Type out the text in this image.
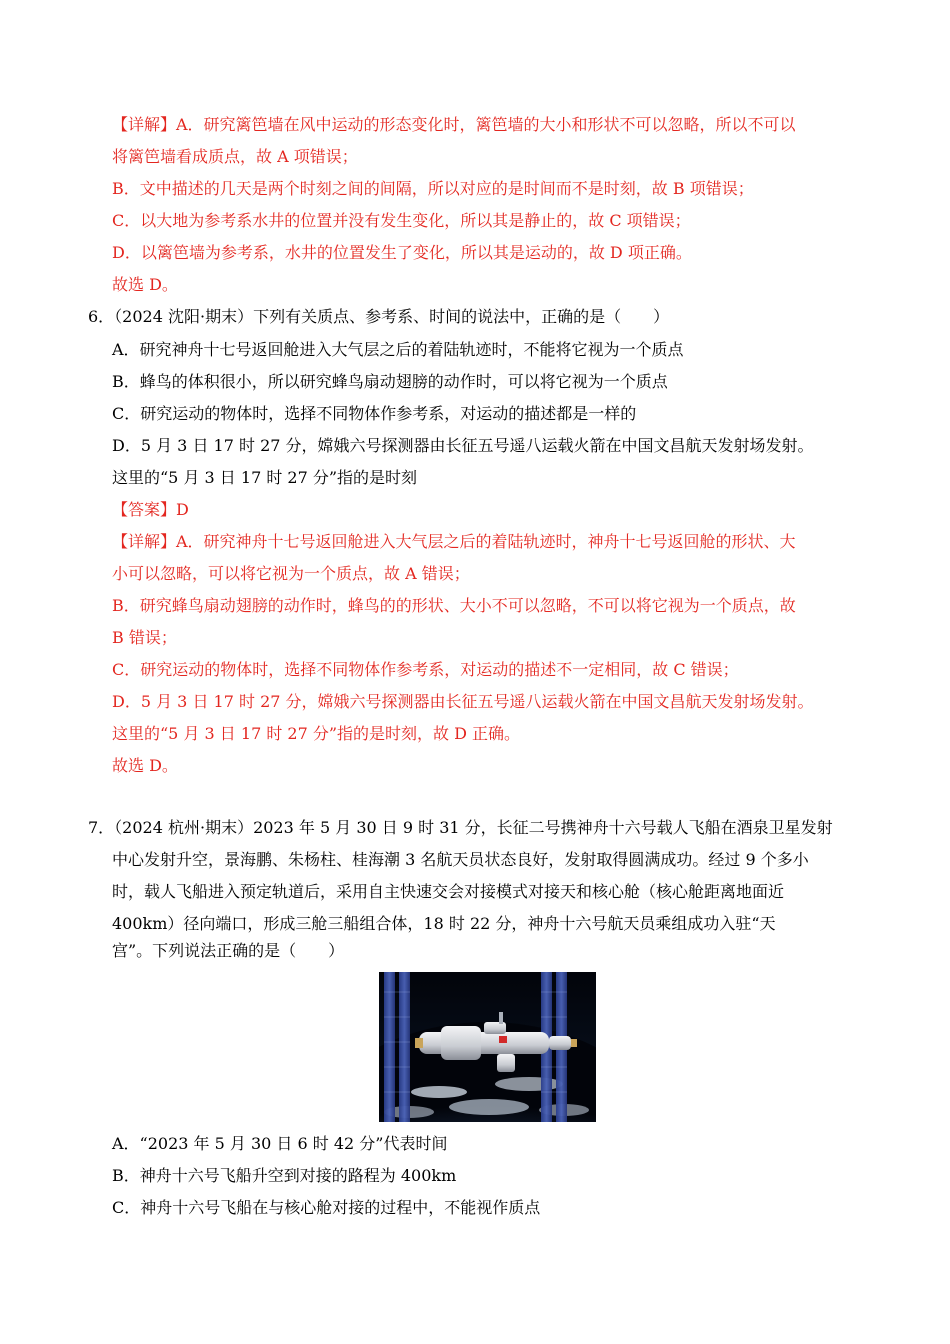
【详解】A．研究篱笆墙在风中运动的形态变化时，篱笆墙的大小和形状不可以忽略，所以不可以
将篱笆墙看成质点，故 A 项错误；
B．文中描述的几天是两个时刻之间的间隔，所以对应的是时间而不是时刻，故 B 项错误；
C．以大地为参考系水井的位置并没有发生变化，所以其是静止的，故 C 项错误；
D．以篱笆墙为参考系，水井的位置发生了变化，所以其是运动的，故 D 项正确。
故选 D。
6．（2024 沈阳·期末）下列有关质点、参考系、时间的说法中，正确的是（　　）
A．研究神舟十七号返回舱进入大气层之后的着陆轨迹时，不能将它视为一个质点
B．蜂鸟的体积很小，所以研究蜂鸟扇动翅膀的动作时，可以将它视为一个质点
C．研究运动的物体时，选择不同物体作参考系，对运动的描述都是一样的
D．5 月 3 日 17 时 27 分，嫦娥六号探测器由长征五号遥八运载火箭在中国文昌航天发射场发射。
这里的“5 月 3 日 17 时 27 分”指的是时刻
【答案】D
【详解】A．研究神舟十七号返回舱进入大气层之后的着陆轨迹时，神舟十七号返回舱的形状、大
小可以忽略，可以将它视为一个质点，故 A 错误；
B．研究蜂鸟扇动翅膀的动作时，蜂鸟的的形状、大小不可以忽略，不可以将它视为一个质点，故
B 错误；
C．研究运动的物体时，选择不同物体作参考系，对运动的描述不一定相同，故 C 错误；
D．5 月 3 日 17 时 27 分，嫦娥六号探测器由长征五号遥八运载火箭在中国文昌航天发射场发射。
这里的“5 月 3 日 17 时 27 分”指的是时刻，故 D 正确。
故选 D。
7．（2024 杭州·期末）2023 年 5 月 30 日 9 时 31 分，长征二号携神舟十六号载人飞船在酒泉卫星发射
中心发射升空，景海鹏、朱杨柱、桂海潮 3 名航天员状态良好，发射取得圆满成功。经过 9 个多小
时，载人飞船进入预定轨道后，采用自主快速交会对接模式对接天和核心舱（核心舱距离地面近
400km）径向端口，形成三舱三船组合体，18 时 22 分，神舟十六号航天员乘组成功入驻“天
宫”。下列说法正确的是（　　）
A．“2023 年 5 月 30 日 6 时 42 分”代表时间
B．神舟十六号飞船升空到对接的路程为 400km
C．神舟十六号飞船在与核心舱对接的过程中，不能视作质点
